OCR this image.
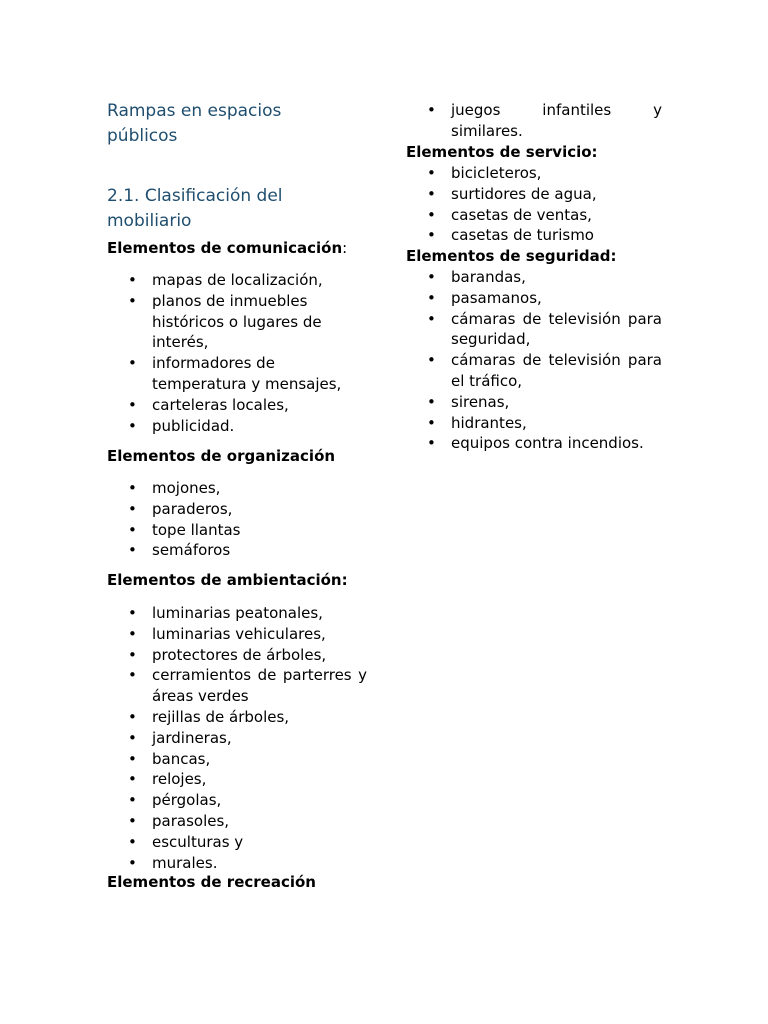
Rampas en espacios públicos
2.1. Clasificación del mobiliario
Elementos de comunicación:
• mapas de localización,
• planos de inmuebles históricos o lugares de interés,
• informadores de temperatura y mensajes,
• carteleras locales,
• publicidad.
Elementos de organización
• mojones,
• paraderos,
• tope llantas
• semáforos
Elementos de ambientación:
• luminarias peatonales,
• luminarias vehiculares,
• protectores de árboles,
• cerramientos de parterres y áreas verdes
• rejillas de árboles,
• jardineras,
• bancas,
• relojes,
• pérgolas,
• parasoles,
• esculturas y
• murales.
Elementos de recreación
• juegos infantiles y similares.
Elementos de servicio:
• bicicleteros,
• surtidores de agua,
• casetas de ventas,
• casetas de turismo
Elementos de seguridad:
• barandas,
• pasamanos,
• cámaras de televisión para seguridad,
• cámaras de televisión para el tráfico,
• sirenas,
• hidrantes,
• equipos contra incendios.
